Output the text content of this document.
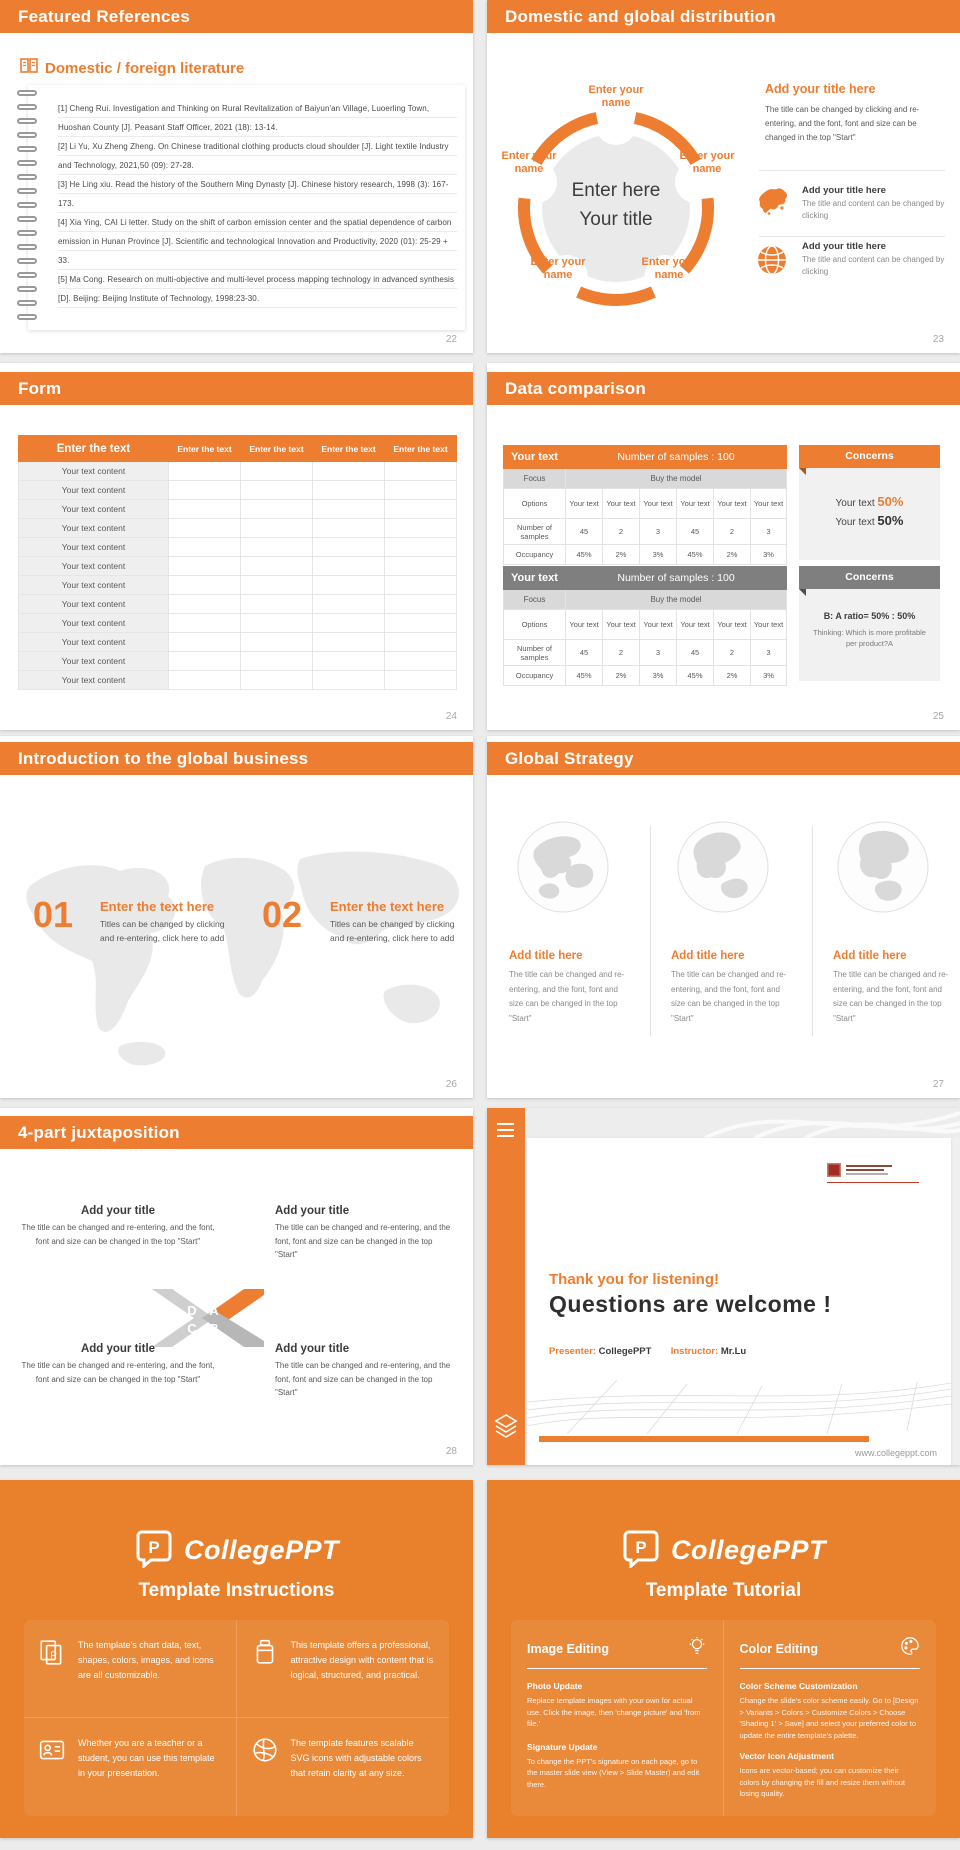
Featured References
Domestic / foreign literature
[1] Cheng Rui. Investigation and Thinking on Rural Revitalization of Baiyun'an Village, Luoerling Town, Huoshan County [J]. Peasant Staff Officer, 2021 (18): 13-14.
[2] Li Yu, Xu Zheng Zheng. On Chinese traditional clothing products cloud shoulder [J]. Light textile Industry and Technology, 2021,50 (09): 27-28.
[3] He Ling xiu. Read the history of the Southern Ming Dynasty [J]. Chinese history research, 1998 (3): 167-173.
[4] Xia Ying, CAI Li letter. Study on the shift of carbon emission center and the spatial dependence of carbon emission in Hunan Province [J]. Scientific and technological Innovation and Productivity, 2020 (01): 25-29 + 33.
[5] Ma Cong. Research on multi-objective and multi-level process mapping technology in advanced synthesis [D]. Beijing: Beijing Institute of Technology, 1998:23-30.
22
Domestic and global distribution
Enter here
Your title
Enter your name
Enter your name
Enter your name
Enter your name
Enter your name
Add your title here
The title can be changed by clicking and re-entering, and the font, font and size can be changed in the top "Start"
Add your title here
The title and content can be changed by clicking
Add your title here
The title and content can be changed by clicking
23
Form
Enter the text	Enter the text	Enter the text	Enter the text	Enter the text
Your text content				
Your text content				
Your text content				
Your text content				
Your text content				
Your text content				
Your text content				
Your text content				
Your text content				
Your text content				
Your text content				
Your text content				
24
Data comparison
Your text	Number of samples : 100					
Focus	Buy the model					
Options	Your text	Your text	Your text	Your text	Your text	Your text
Number of samples	45	2	3	45	2	3
Occupancy	45%	2%	3%	45%	2%	3%
Concerns
Your text 50%
Your text 50%
Your text	Number of samples : 100					
Focus	Buy the model					
Options	Your text	Your text	Your text	Your text	Your text	Your text
Number of samples	45	2	3	45	2	3
Occupancy	45%	2%	3%	45%	2%	3%
Concerns
B: A ratio= 50% : 50%
Thinking: Which is more profitable per product?A
25
Introduction to the global business
01 Enter the text here
Titles can be changed by clicking and re-entering, click here to add
02 Enter the text here
Titles can be changed by clicking and re-entering, click here to add
26
Global Strategy
Add title here
The title can be changed and re-entering, and the font, font and size can be changed in the top "Start"
Add title here
The title can be changed and re-entering, and the font, font and size can be changed in the top "Start"
Add title here
The title can be changed and re-entering, and the font, font and size can be changed in the top "Start"
27
4-part juxtaposition
Add your title
The title can be changed and re-entering, and the font, font and size can be changed in the top "Start"
Add your title
The title can be changed and re-entering, and the font, font and size can be changed in the top "Start"
D A
C B
Add your title
The title can be changed and re-entering, and the font, font and size can be changed in the top "Start"
Add your title
The title can be changed and re-entering, and the font, font and size can be changed in the top "Start"
28
Thank you for listening!
Questions are welcome !
Presenter: CollegePPT Instructor: Mr.Lu
www.collegeppt.com
P CollegePPT
Template Instructions
P
The template's chart data, text, shapes, colors, images, and icons are all customizable.
This template offers a professional, attractive design with content that is logical, structured, and practical.
Whether you are a teacher or a student, you can use this template in your presentation.
The template features scalable SVG icons with adjustable colors that retain clarity at any size.
P CollegePPT
Template Tutorial
Image Editing
Photo Update
Replace template images with your own for actual use. Click the image, then 'change picture' and 'from file.'
Signature Update
To change the PPT's signature on each page, go to the master slide view (View > Slide Master) and edit there.
Color Editing
Color Scheme Customization
Change the slide's color scheme easily. Go to [Design > Variants > Colors > Customize Colors > Choose 'Shading 1' > Save] and select your preferred color to update the entire template's palette.
Vector Icon Adjustment
Icons are vector-based; you can customize their colors by changing the fill and resize them without losing quality.
